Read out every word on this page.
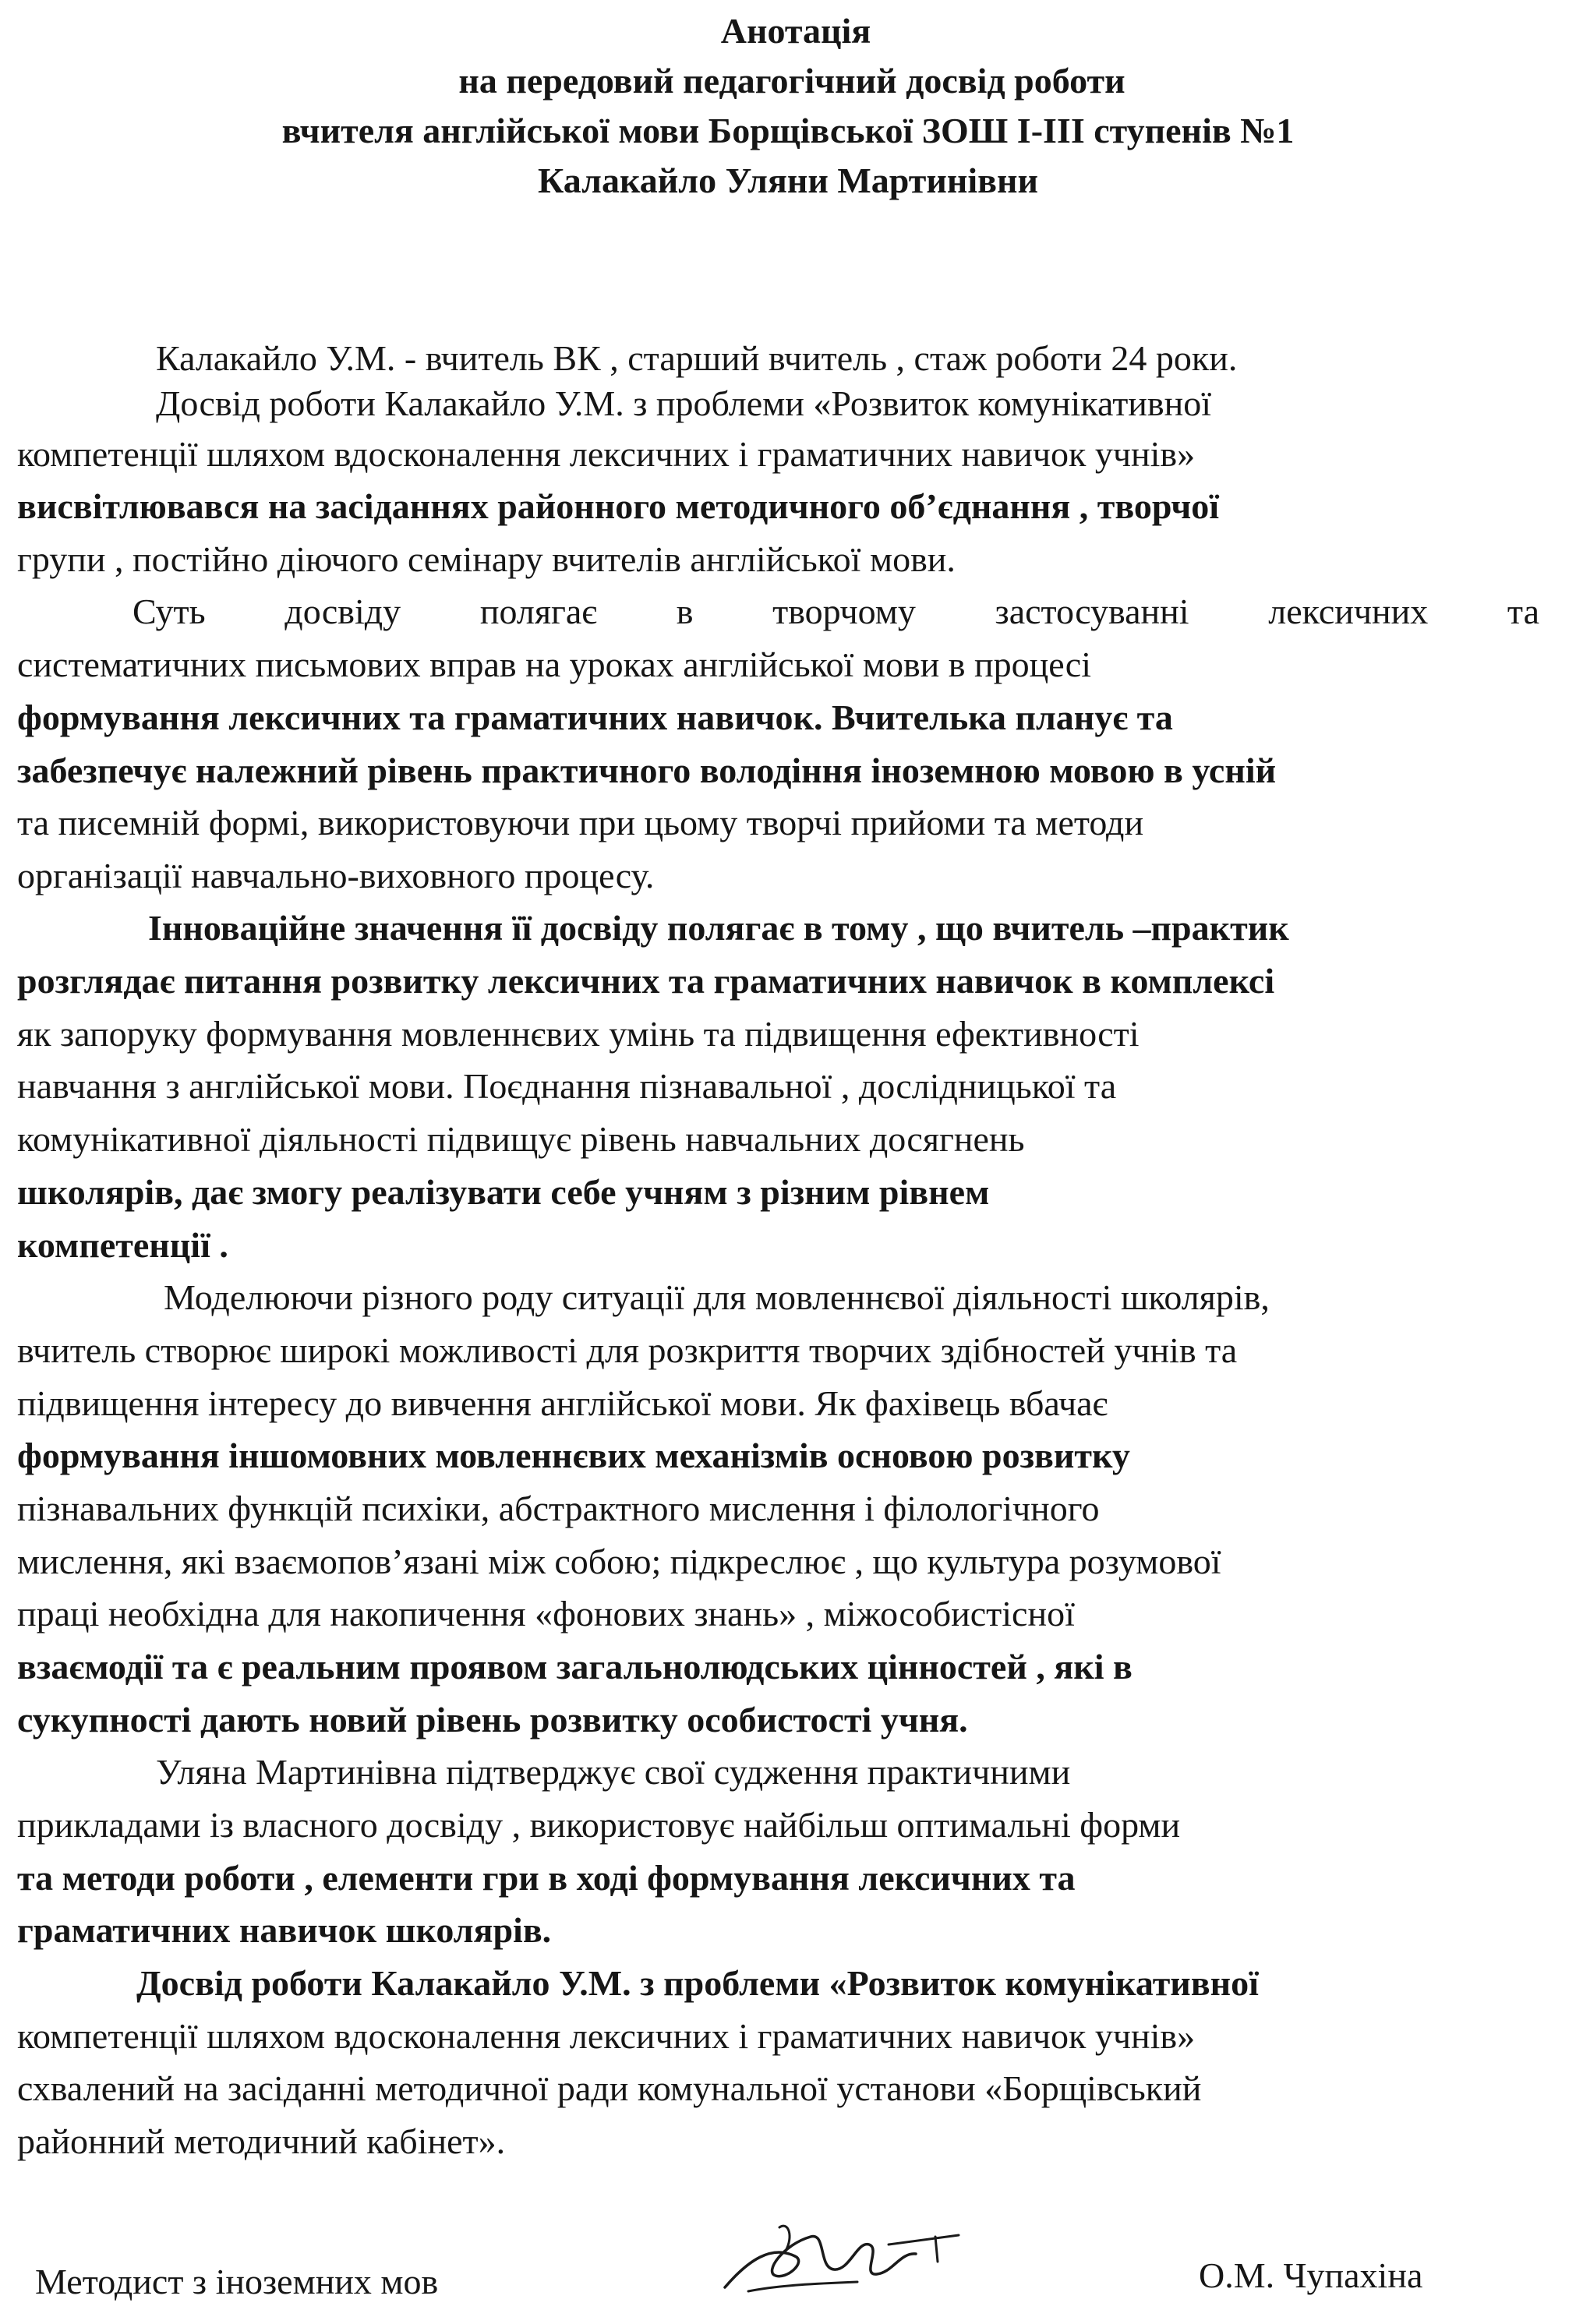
Анотація
на передовий педагогічний досвід роботи
вчителя англійської мови Борщівської ЗОШ І-ІІІ ступенів №1
Калакайло Уляни Мартинівни
Калакайло У.М. - вчитель ВК , старший вчитель , стаж роботи 24 роки.
Досвід роботи Калакайло У.М. з проблеми «Розвиток комунікативної
компетенції шляхом вдосконалення лексичних і граматичних навичок учнів»
висвітлювався на засіданнях районного методичного об’єднання , творчої
групи , постійно діючого семінару вчителів англійської мови.
Суть досвіду полягає в творчому застосуванні лексичних та
систематичних письмових вправ на уроках англійської мови в процесі
формування лексичних та граматичних навичок. Вчителька планує та
забезпечує належний рівень практичного володіння іноземною мовою в усній
та писемній формі, використовуючи при цьому творчі прийоми та методи
організації навчально-виховного процесу.
Інноваційне значення її досвіду полягає в тому , що вчитель –практик
розглядає питання розвитку лексичних та граматичних навичок в комплексі
як запоруку формування мовленнєвих умінь та підвищення ефективності
навчання з англійської мови. Поєднання пізнавальної , дослідницької та
комунікативної діяльності підвищує рівень навчальних досягнень
школярів, дає змогу реалізувати себе учням з різним рівнем
компетенції .
Моделюючи різного роду ситуації для мовленнєвої діяльності школярів,
вчитель створює широкі можливості для розкриття творчих здібностей учнів та
підвищення інтересу до вивчення англійської мови. Як фахівець вбачає
формування іншомовних мовленнєвих механізмів основою розвитку
пізнавальних функцій психіки, абстрактного мислення і філологічного
мислення, які взаємопов’язані між собою; підкреслює , що культура розумової
праці необхідна для накопичення «фонових знань» , міжособистісної
взаємодії та є реальним проявом загальнолюдських цінностей , які в
сукупності дають новий рівень розвитку особистості учня.
Уляна Мартинівна підтверджує свої судження практичними
прикладами із власного досвіду , використовує найбільш оптимальні форми
та методи роботи , елементи гри в ході формування лексичних та
граматичних навичок школярів.
Досвід роботи Калакайло У.М. з проблеми «Розвиток комунікативної
компетенції шляхом вдосконалення лексичних і граматичних навичок учнів»
схвалений на засіданні методичної ради комунальної установи «Борщівський
районний методичний кабінет».
Методист з іноземних мов	О.М. Чупахіна
